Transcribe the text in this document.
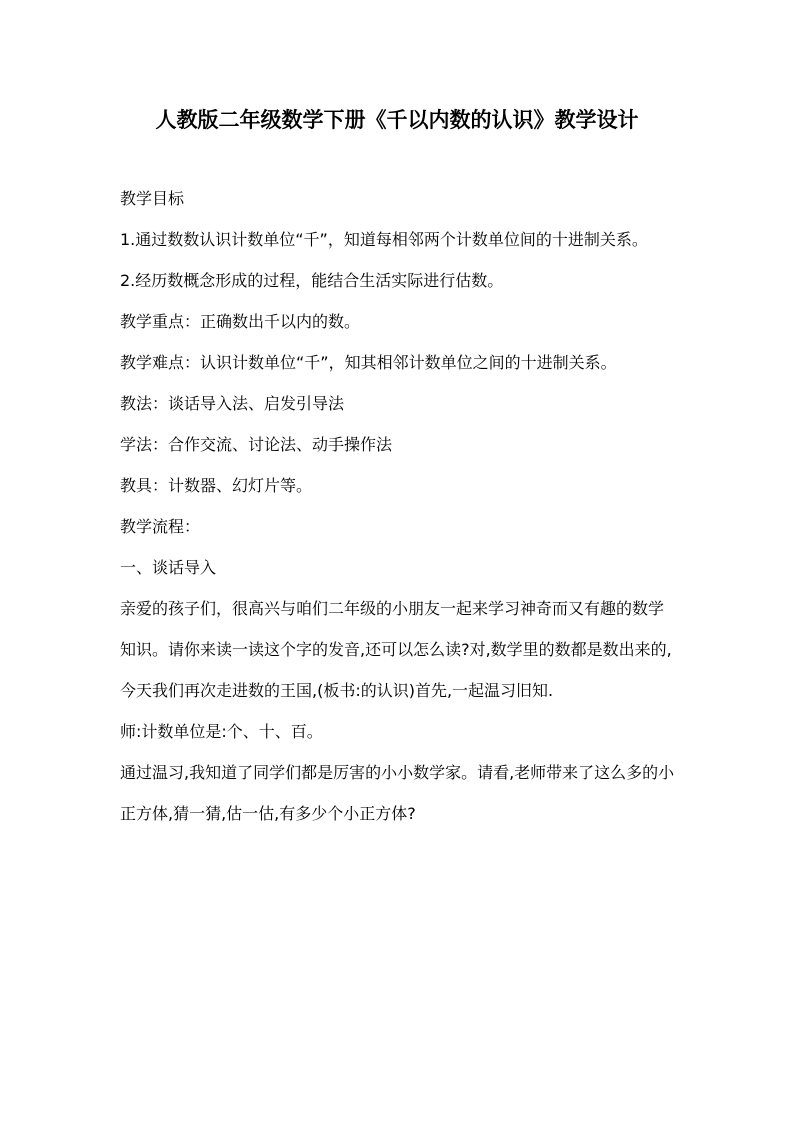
人教版二年级数学下册《千以内数的认识》教学设计

教学目标

1.通过数数认识计数单位“千”，知道每相邻两个计数单位间的十进制关系。

2.经历数概念形成的过程，能结合生活实际进行估数。

教学重点：正确数出千以内的数。

教学难点：认识计数单位“千”，知其相邻计数单位之间的十进制关系。

教法：谈话导入法、启发引导法

学法：合作交流、讨论法、动手操作法

教具：计数器、幻灯片等。

教学流程：

一、谈话导入

亲爱的孩子们，很高兴与咱们二年级的小朋友一起来学习神奇而又有趣的数学知识。请你来读一读这个字的发音,还可以怎么读?对,数学里的数都是数出来的,今天我们再次走进数的王国,(板书:的认识)首先,一起温习旧知.

师:计数单位是:个、十、百。

通过温习,我知道了同学们都是厉害的小小数学家。请看,老师带来了这么多的小正方体,猜一猜,估一估,有多少个小正方体?
